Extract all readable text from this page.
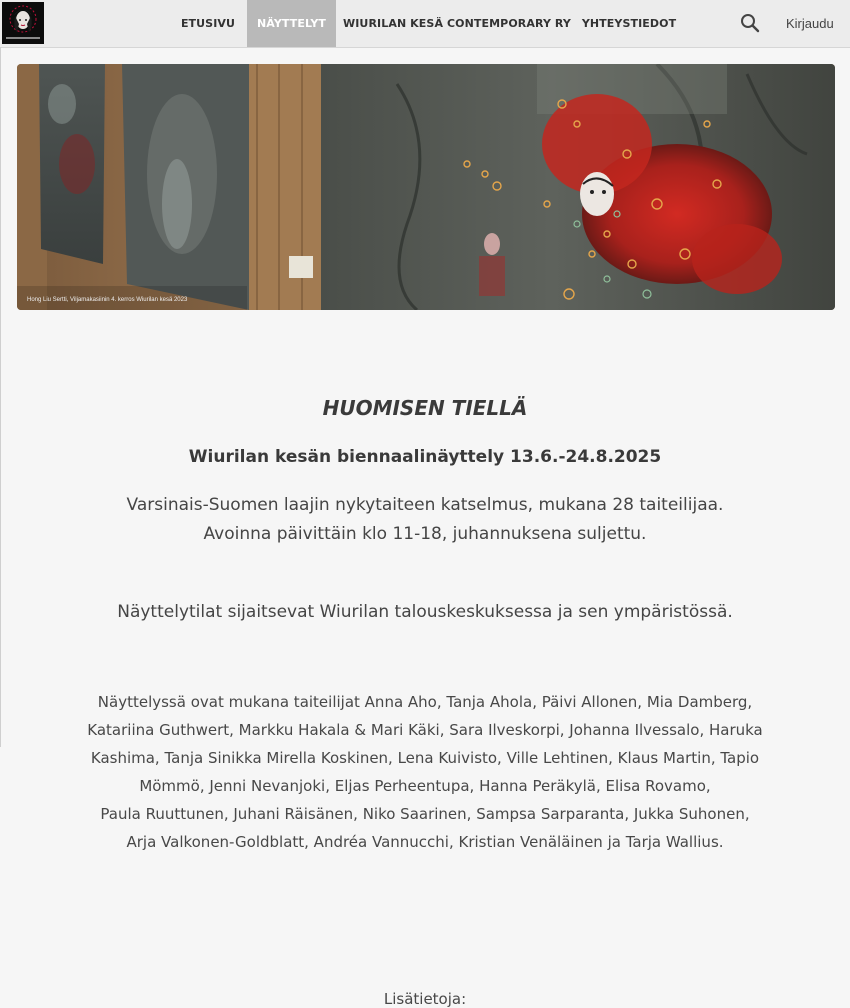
ETUSIVU	NÄYTTELYT	WIURILAN KESÄ CONTEMPORARY RY YHTEYSTIEDOT	Kirjaudu
Hong Liu Sertti, Viljamakasiinin 4. kerros Wiurilan kesä 2023
HUOMISEN TIELLÄ
Wiurilan kesän biennaalinäyttely 13.6.-24.8.2025
Varsinais-Suomen laajin nykytaiteen katselmus, mukana 28 taiteilijaa.
Avoinna päivittäin klo 11-18, juhannuksena suljettu.
Näyttelytilat sijaitsevat Wiurilan talouskeskuksessa ja sen ympäristössä.
Näyttelyssä ovat mukana taiteilijat Anna Aho, Tanja Ahola, Päivi Allonen, Mia Damberg,
Katariina Guthwert, Markku Hakala & Mari Käki, Sara Ilveskorpi, Johanna Ilvessalo, Haruka
Kashima, Tanja Sinikka Mirella Koskinen, Lena Kuivisto, Ville Lehtinen, Klaus Martin, Tapio
Mömmö, Jenni Nevanjoki, Eljas Perheentupa, Hanna Peräkylä, Elisa Rovamo,
Paula Ruuttunen, Juhani Räisänen, Niko Saarinen, Sampsa Sarparanta, Jukka Suhonen,
Arja Valkonen-Goldblatt, Andréa Vannucchi, Kristian Venäläinen ja Tarja Wallius.
Lisätietoja:
